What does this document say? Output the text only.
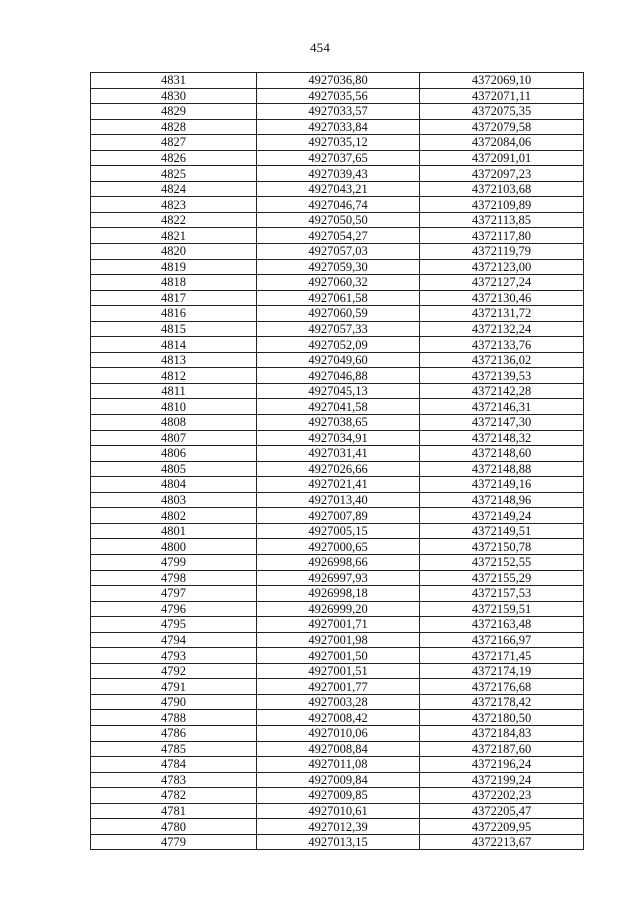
454
4831	4927036,80	4372069,10
4830	4927035,56	4372071,11
4829	4927033,57	4372075,35
4828	4927033,84	4372079,58
4827	4927035,12	4372084,06
4826	4927037,65	4372091,01
4825	4927039,43	4372097,23
4824	4927043,21	4372103,68
4823	4927046,74	4372109,89
4822	4927050,50	4372113,85
4821	4927054,27	4372117,80
4820	4927057,03	4372119,79
4819	4927059,30	4372123,00
4818	4927060,32	4372127,24
4817	4927061,58	4372130,46
4816	4927060,59	4372131,72
4815	4927057,33	4372132,24
4814	4927052,09	4372133,76
4813	4927049,60	4372136,02
4812	4927046,88	4372139,53
4811	4927045,13	4372142,28
4810	4927041,58	4372146,31
4808	4927038,65	4372147,30
4807	4927034,91	4372148,32
4806	4927031,41	4372148,60
4805	4927026,66	4372148,88
4804	4927021,41	4372149,16
4803	4927013,40	4372148,96
4802	4927007,89	4372149,24
4801	4927005,15	4372149,51
4800	4927000,65	4372150,78
4799	4926998,66	4372152,55
4798	4926997,93	4372155,29
4797	4926998,18	4372157,53
4796	4926999,20	4372159,51
4795	4927001,71	4372163,48
4794	4927001,98	4372166,97
4793	4927001,50	4372171,45
4792	4927001,51	4372174,19
4791	4927001,77	4372176,68
4790	4927003,28	4372178,42
4788	4927008,42	4372180,50
4786	4927010,06	4372184,83
4785	4927008,84	4372187,60
4784	4927011,08	4372196,24
4783	4927009,84	4372199,24
4782	4927009,85	4372202,23
4781	4927010,61	4372205,47
4780	4927012,39	4372209,95
4779	4927013,15	4372213,67
